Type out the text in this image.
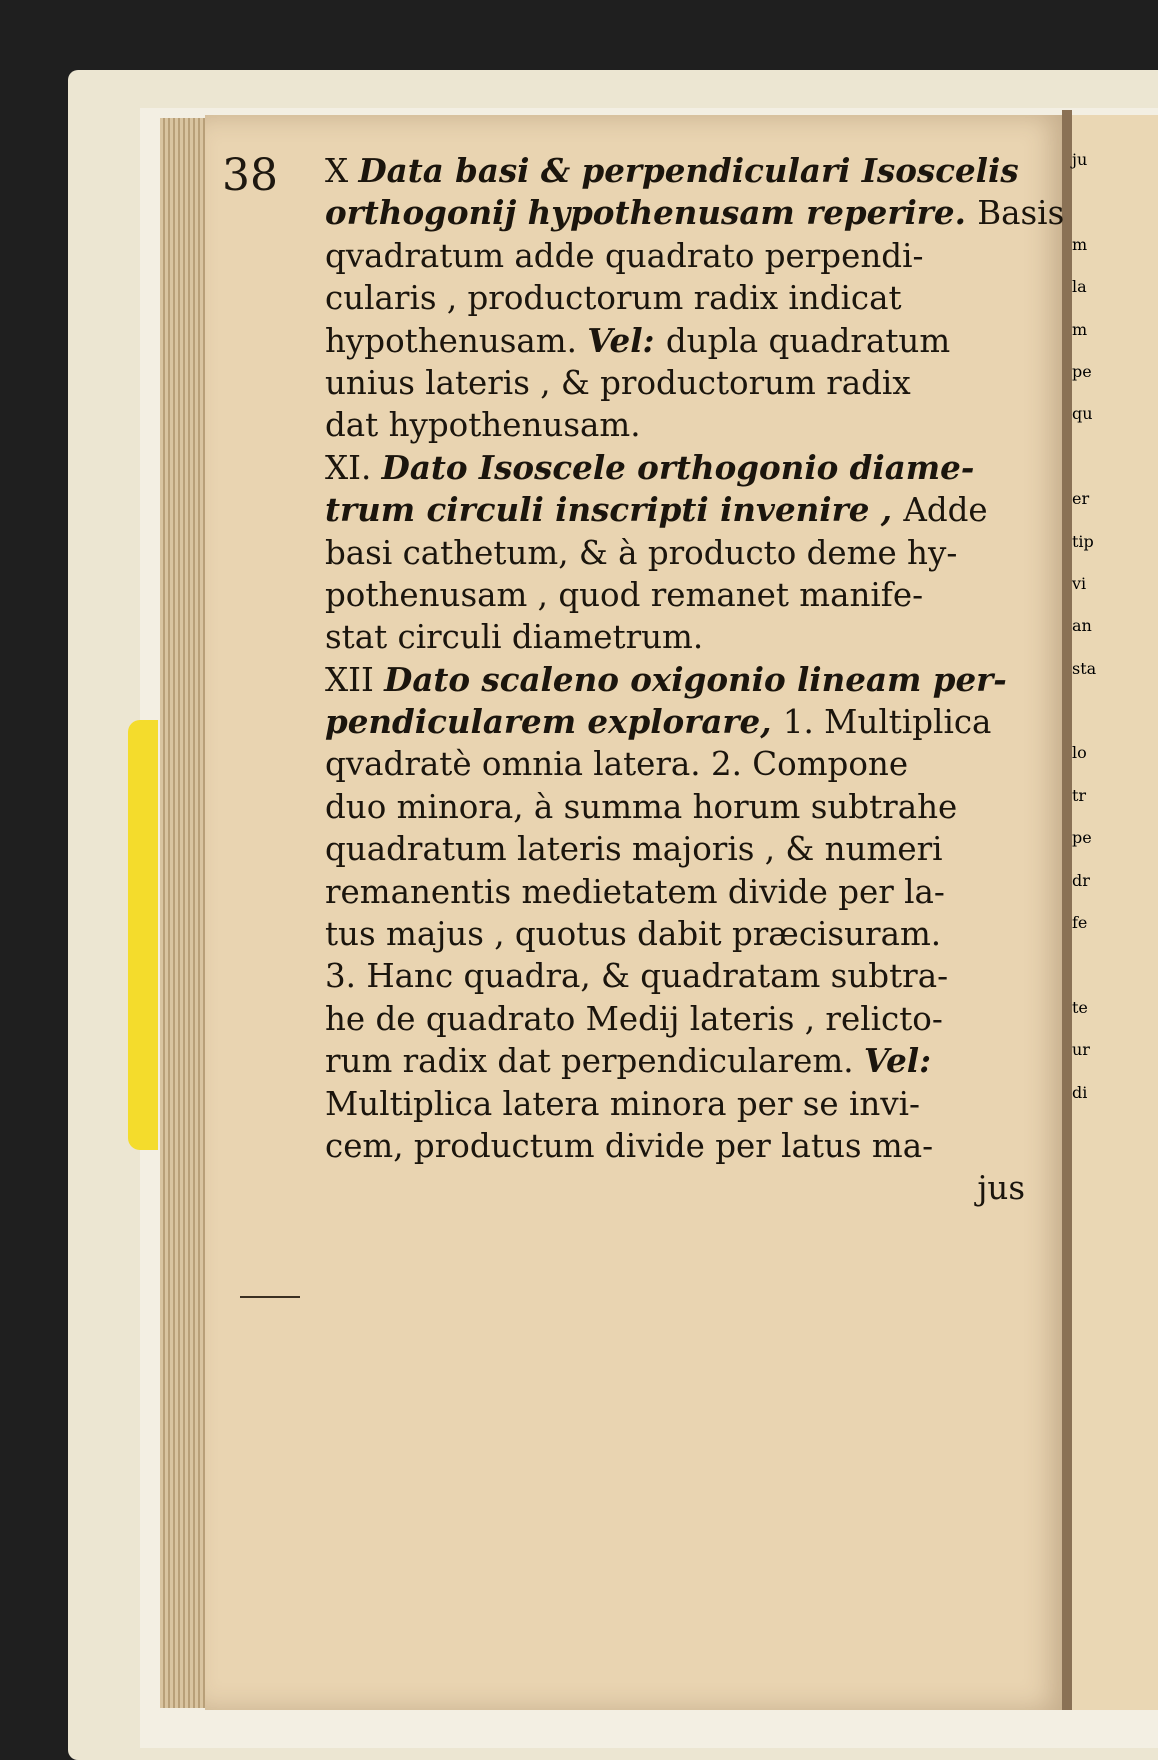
38 X Data basi & perpendiculari Isoscelis
orthogonij hypothenusam reperire. Basis
qvadratum adde quadrato perpendi-
cularis , productorum radix indicat
hypothenusam. Vel: dupla quadratum
unius lateris , & productorum radix
dat hypothenusam.
XI. Dato Isoscele orthogonio diame-
trum circuli inscripti invenire , Adde
basi cathetum, & à producto deme hy-
pothenusam , quod remanet manife-
stat circuli diametrum.
XII Dato scaleno oxigonio lineam per-
pendicularem explorare, 1. Multiplica
qvadratè omnia latera. 2. Compone
duo minora, à summa horum subtrahe
quadratum lateris majoris , & numeri
remanentis medietatem divide per la-
tus majus , quotus dabit præcisuram.
3. Hanc quadra, & quadratam subtra-
he de quadrato Medij lateris , relicto-
rum radix dat perpendicularem. Vel:
Multiplica latera minora per se invi-
cem, productum divide per latus ma-
jus
ju
m
la
m
pe
qu
er
tip
vi
an
sta
lo
tr
pe
dr
fe
te
ur
di
